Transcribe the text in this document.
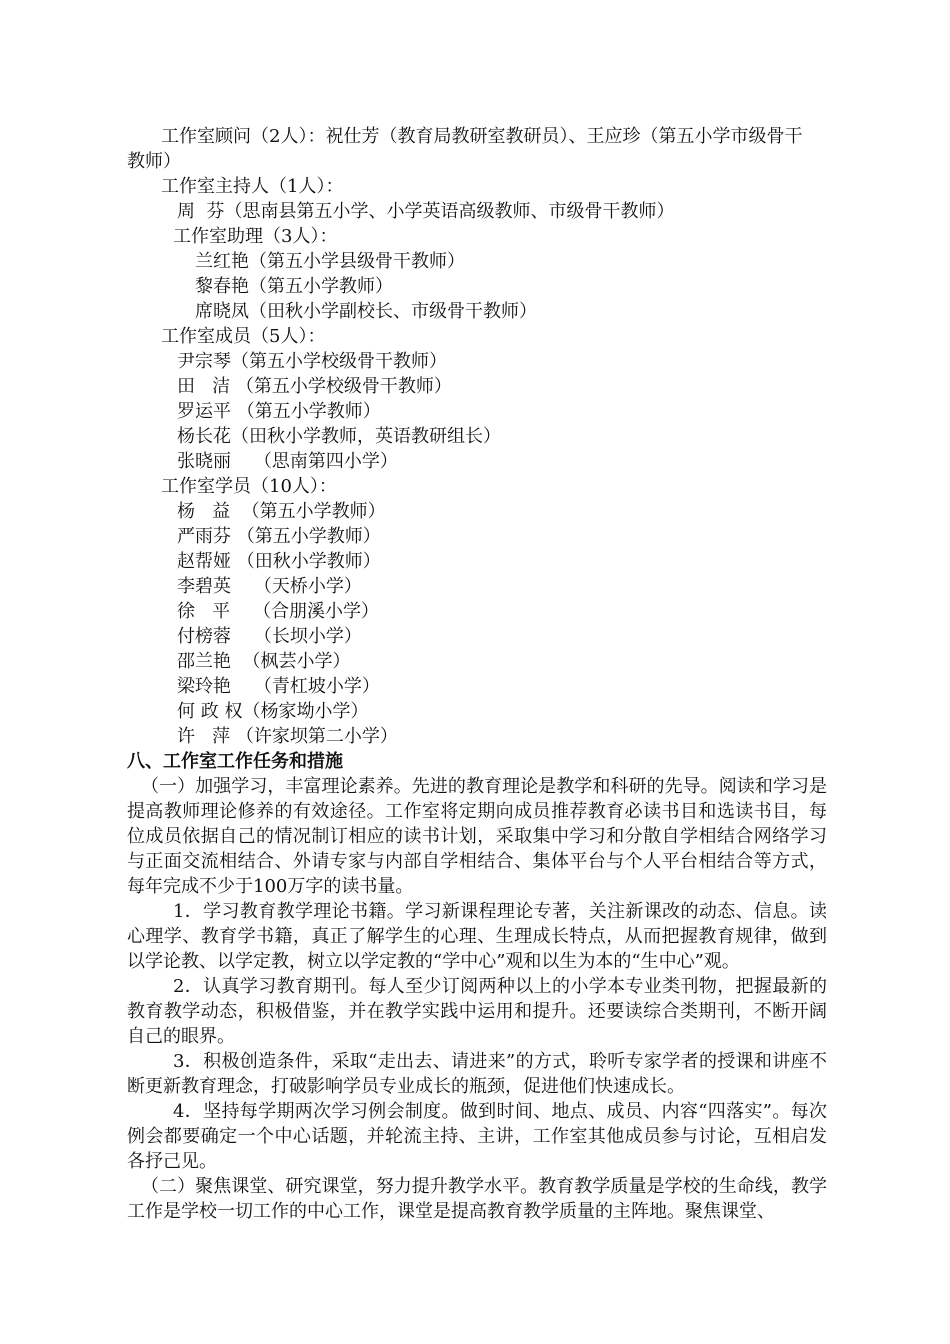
工作室顾问（2人）：祝仕芳（教育局教研室教研员）、王应珍（第五小学市级骨干

教师）

工作室主持人（1人）：

周  芬（思南县第五小学、小学英语高级教师、市级骨干教师）

工作室助理（3人）：

兰红艳（第五小学县级骨干教师）

黎春艳（第五小学教师）

席晓凤（田秋小学副校长、市级骨干教师）

工作室成员（5人）：

尹宗琴（第五小学校级骨干教师）

田   洁 （第五小学校级骨干教师）

罗运平 （第五小学教师）

杨长花（田秋小学教师，英语教研组长）

张晓丽    （思南第四小学）

工作室学员（10人）：

杨   益  （第五小学教师）

严雨芬 （第五小学教师）

赵帮娅 （田秋小学教师）

李碧英    （天桥小学）

徐   平    （合朋溪小学）

付榜蓉    （长坝小学）

邵兰艳  （枫芸小学）

梁玲艳    （青杠坡小学）

何 政 权（杨家坳小学）

许   萍 （许家坝第二小学）

八、工作室工作任务和措施

（一）加强学习，丰富理论素养。先进的教育理论是教学和科研的先导。阅读和学习是提高教师理论修养的有效途径。工作室将定期向成员推荐教育必读书目和选读书目，每位成员依据自己的情况制订相应的读书计划，采取集中学习和分散自学相结合网络学习与正面交流相结合、外请专家与内部自学相结合、集体平台与个人平台相结合等方式，每年完成不少于100万字的读书量。

1．学习教育教学理论书籍。学习新课程理论专著，关注新课改的动态、信息。读心理学、教育学书籍，真正了解学生的心理、生理成长特点，从而把握教育规律，做到以学论教、以学定教，树立以学定教的“学中心”观和以生为本的“生中心”观。

2．认真学习教育期刊。每人至少订阅两种以上的小学本专业类刊物，把握最新的教育教学动态，积极借鉴，并在教学实践中运用和提升。还要读综合类期刊，不断开阔自己的眼界。

3．积极创造条件，采取“走出去、请进来”的方式，聆听专家学者的授课和讲座不断更新教育理念，打破影响学员专业成长的瓶颈，促进他们快速成长。

4．坚持每学期两次学习例会制度。做到时间、地点、成员、内容“四落实”。每次例会都要确定一个中心话题，并轮流主持、主讲，工作室其他成员参与讨论，互相启发各抒己见。

（二）聚焦课堂、研究课堂，努力提升教学水平。教育教学质量是学校的生命线，教学工作是学校一切工作的中心工作，课堂是提高教育教学质量的主阵地。聚焦课堂、
